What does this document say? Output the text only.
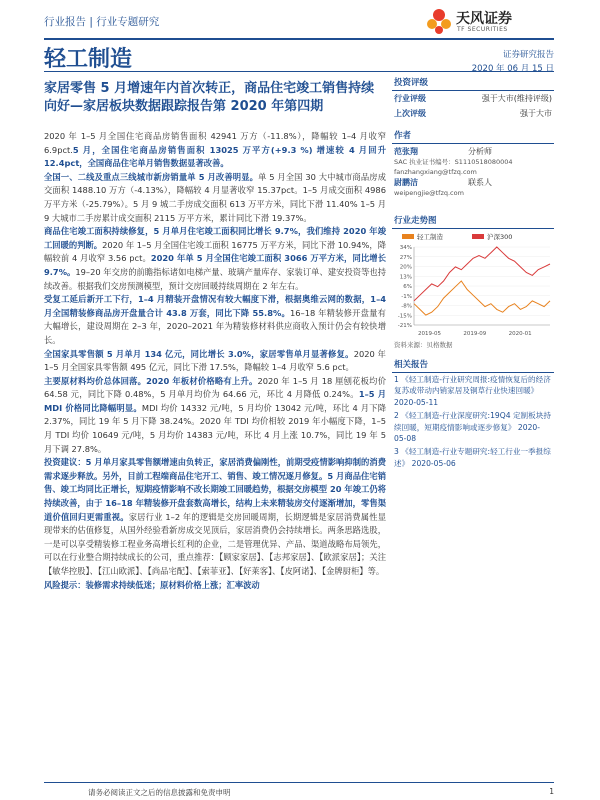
行业报告 | 行业专题研究	天风证券
TF SECURITIES
轻工制造	证券研究报告
2020 年 06 月 15 日
家居零售 5 月增速年内首次转正，商品住宅竣工销售持续向好—家居板块数据跟踪报告第 2020 年第四期

2020 年 1–5 月全国住宅商品房销售面积 42941 万方（-11.8%），降幅较 1–4 月收窄 6.9pct.5 月，全国住宅商品房销售面积 13025 万平方(+9.3 %) 增速较 4 月回升 12.4pct，全国商品住宅单月销售数据显著改善。

全国一、二线及重点三线城市新房销量单 5 月改善明显。单 5 月全国 30 大中城市商品房成交面积 1488.10 万方（-4.13%），降幅较 4 月显著收窄 15.37pct。1–5 月成交面积 4986 万平方米（-25.79%）。5 月 9 城二手房成交面积 613 万平方米，同比下滑 11.40% 1–5 月 9 大城市二手房累计成交面积 2115 万平方米，累计同比下滑 19.37%。

商品住宅竣工面积持续修复，5 月单月住宅竣工面积同比增长 9.7%，我们维持 2020 年竣工回暖的判断。2020 年 1–5 月全国住宅竣工面积 16775 万平方米，同比下滑 10.94%，降幅较前 4 月收窄 3.56 pct。2020 年单 5 月全国住宅竣工面积 3066 万平方米，同比增长 9.7%。19–20 年交房的前瞻指标诸如电梯产量、玻璃产量库存、家装订单、建安投资等也持续改善。根据我们交房预测模型，预计交房回暖持续周期在 2 年左右。

受复工延后新开工下行，1–4 月精装开盘情况有较大幅度下滑，根据奥维云网的数据，1–4 月全国精装修商品房开盘量合计 43.8 万套，同比下降 55.8%。16–18 年精装修开盘量有大幅增长，建设周期在 2–3 年，2020–2021 年为精装修材料供应商收入预计仍会有较快增长。

全国家具零售额 5 月单月 134 亿元，同比增长 3.0%，家居零售单月显著修复。2020 年 1–5 月全国家具零售额 495 亿元，同比下滑 17.5%，降幅较 1–4 月收窄 5.6 pct。

主要原材料均价总体回落。2020 年板材价格略有上升。2020 年 1–5 月 18 厘刨花板均价 64.58 元，同比下降 0.48%，5 月单月均价为 64.66 元，环比 4 月降低 0.24%。1–5 月 MDI 价格同比降幅明显。MDI 均价 14332 元/吨，5 月均价 13042 元/吨，环比 4 月下降 2.37%，同比 19 年 5 月下降 38.24%。2020 年 TDI 均价相较 2019 年小幅度下降，1–5 月 TDI 均价 10649 元/吨，5 月均价 14383 元/吨，环比 4 月上涨 10.7%，同比 19 年 5 月下调 27.8%。

投资建议：5 月单月家具零售额增速由负转正，家居消费偏刚性，前期受疫情影响抑制的消费需求逐步释放。另外，目前工程端商品住宅开工、销售、竣工情况逐月修复。5 月商品住宅销售、竣工均同比正增长，短期疫情影响不改长期竣工回暖趋势，根据交房模型 20 年竣工仍将持续改善，由于 16–18 年精装修开盘套数高增长，结构上未来精装房交付逐渐增加，零售渠道价值回归更需重视。家居行业 1–2 年的逻辑是交房回暖周期，长期逻辑是家居消费属性显现带来的估值修复，从国外经验看新房成交见顶后，家居消费仍会持续增长。两条思路选股，一是可以享受精装修工程业务高增长红利的企业，二是管理优异、产品、渠道战略布局领先，可以在行业整合期持续成长的公司，重点推荐：【顾家家居】、【志邦家居】、【欧派家居】；关注【敏华控股】、【江山欧派】、【尚品宅配】、【索菲亚】、【好莱客】、【皮阿诺】、【金牌厨柜】等。

风险提示：装修需求持续低迷；原材料价格上涨；汇率波动

投资评级
行业评级	强于大市(维持评级)
上次评级	强于大市
作者
范张翔	分析师
SAC 执业证书编号：S1110518080004
fanzhangxiang@tfzq.com
尉鹏洁	联系人
weipengjie@tfzq.com
行业走势图
轻工制造	沪深300
34%
27%
20%
13%
6%
-1%
-8%
-15%
-21%
2019-05	2019-09	2020-01
资料来源：贝格数据
相关报告
1 《轻工制造-行业研究周报:疫情恢复后的经济复苏或带动内销家居及铜草行业快速回暖》 2020-05-11
2 《轻工制造-行业深度研究:19Q4 定制板块持续回暖，短期疫情影响或逐步修复》 2020-05-08
3 《轻工制造-行业专题研究:轻工行业一季报综述》 2020-05-06
请务必阅读正文之后的信息披露和免责申明	1
